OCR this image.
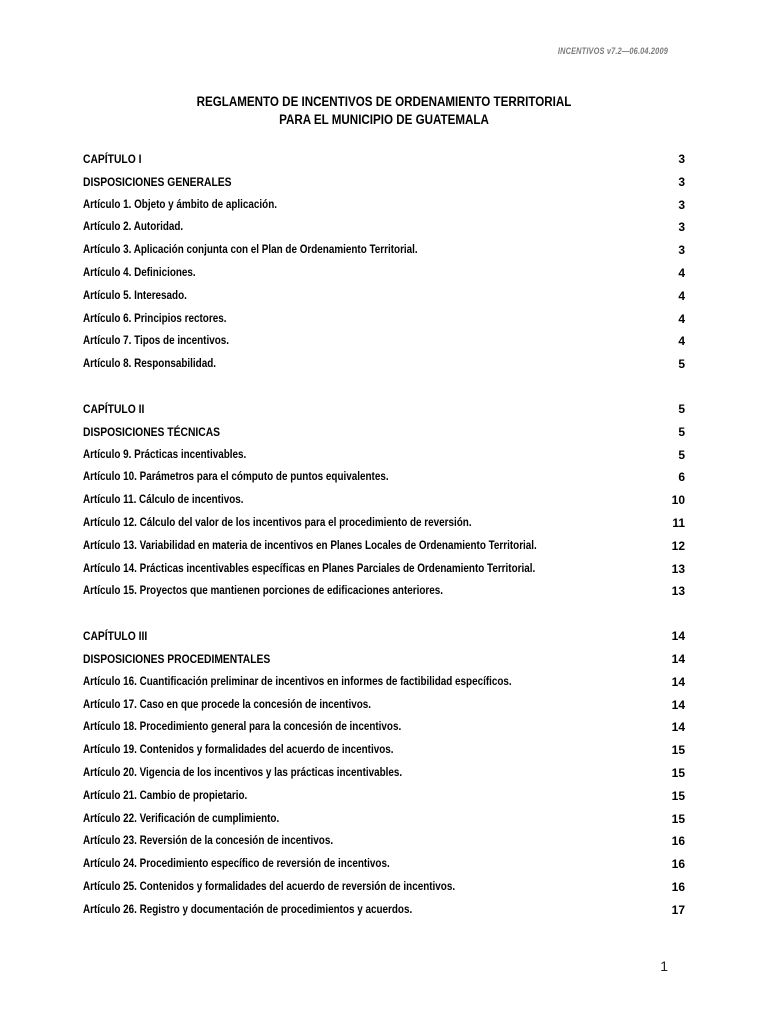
INCENTIVOS v7.2—06.04.2009
REGLAMENTO DE INCENTIVOS DE ORDENAMIENTO TERRITORIAL
PARA EL MUNICIPIO DE GUATEMALA
CAPÍTULO I	3
DISPOSICIONES GENERALES	3
Artículo 1. Objeto y ámbito de aplicación.	3
Artículo 2. Autoridad.	3
Artículo 3. Aplicación conjunta con el Plan de Ordenamiento Territorial.	3
Artículo 4. Definiciones.	4
Artículo 5. Interesado.	4
Artículo 6. Principios rectores.	4
Artículo 7. Tipos de incentivos.	4
Artículo 8. Responsabilidad.	5
CAPÍTULO II	5
DISPOSICIONES TÉCNICAS	5
Artículo 9. Prácticas incentivables.	5
Artículo 10. Parámetros para el cómputo de puntos equivalentes.	6
Artículo 11. Cálculo de incentivos.	10
Artículo 12. Cálculo del valor de los incentivos para el procedimiento de reversión.	11
Artículo 13. Variabilidad en materia de incentivos en Planes Locales de Ordenamiento Territorial.	12
Artículo 14. Prácticas incentivables específicas en Planes Parciales de Ordenamiento Territorial.	13
Artículo 15. Proyectos que mantienen porciones de edificaciones anteriores.	13
CAPÍTULO III	14
DISPOSICIONES PROCEDIMENTALES	14
Artículo 16. Cuantificación preliminar de incentivos en informes de factibilidad específicos.	14
Artículo 17. Caso en que procede la concesión de incentivos.	14
Artículo 18. Procedimiento general para la concesión de incentivos.	14
Artículo 19. Contenidos y formalidades del acuerdo de incentivos.	15
Artículo 20. Vigencia de los incentivos y las prácticas incentivables.	15
Artículo 21. Cambio de propietario.	15
Artículo 22. Verificación de cumplimiento.	15
Artículo 23. Reversión de la concesión de incentivos.	16
Artículo 24. Procedimiento específico de reversión de incentivos.	16
Artículo 25. Contenidos y formalidades del acuerdo de reversión de incentivos.	16
Artículo 26. Registro y documentación de procedimientos y acuerdos.	17
1
